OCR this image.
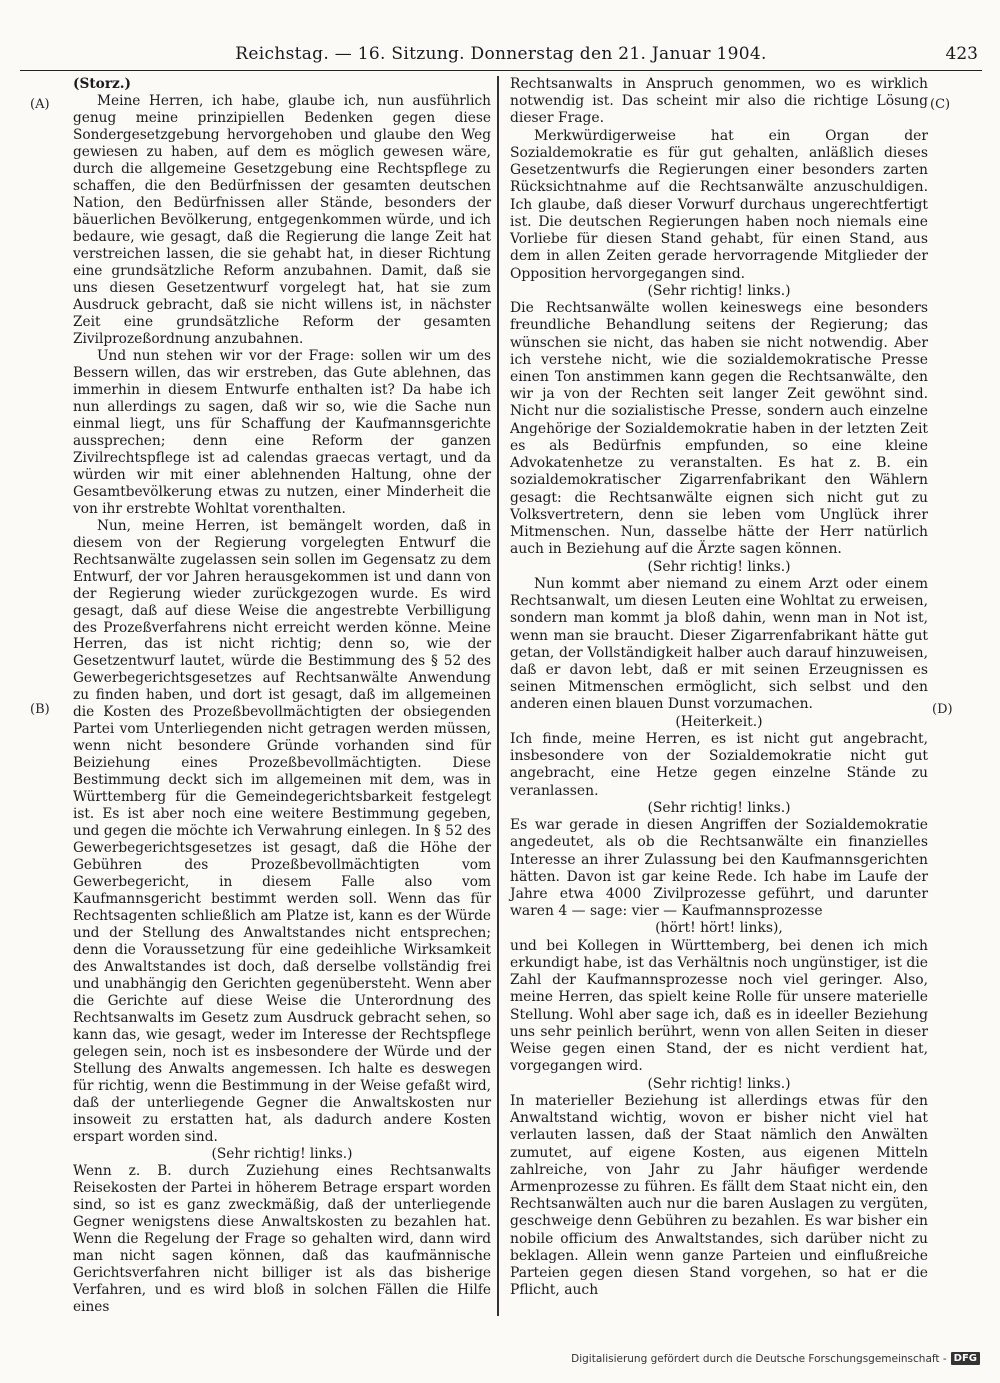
Reichstag. — 16. Sitzung. Donnerstag den 21. Januar 1904.	423
(A)
(B)
(C)
(D)

(Storz.)

Meine Herren, ich habe, glaube ich, nun ausführlich genug meine prinzipiellen Bedenken gegen diese Sondergesetzgebung hervorgehoben und glaube den Weg gewiesen zu haben, auf dem es möglich gewesen wäre, durch die allgemeine Gesetzgebung eine Rechtspflege zu schaffen, die den Bedürfnissen der gesamten deutschen Nation, den Bedürfnissen aller Stände, besonders der bäuerlichen Bevölkerung, entgegenkommen würde, und ich bedaure, wie gesagt, daß die Regierung die lange Zeit hat verstreichen lassen, die sie gehabt hat, in dieser Richtung eine grundsätzliche Reform anzubahnen. Damit, daß sie uns diesen Gesetzentwurf vorgelegt hat, hat sie zum Ausdruck gebracht, daß sie nicht willens ist, in nächster Zeit eine grundsätzliche Reform der gesamten Zivilprozeßordnung anzubahnen.

Und nun stehen wir vor der Frage: sollen wir um des Bessern willen, das wir erstreben, das Gute ablehnen, das immerhin in diesem Entwurfe enthalten ist? Da habe ich nun allerdings zu sagen, daß wir so, wie die Sache nun einmal liegt, uns für Schaffung der Kaufmannsgerichte aussprechen; denn eine Reform der ganzen Zivilrechtspflege ist ad calendas graecas vertagt, und da würden wir mit einer ablehnenden Haltung, ohne der Gesamtbevölkerung etwas zu nutzen, einer Minderheit die von ihr erstrebte Wohltat vorenthalten.

Nun, meine Herren, ist bemängelt worden, daß in diesem von der Regierung vorgelegten Entwurf die Rechtsanwälte zugelassen sein sollen im Gegensatz zu dem Entwurf, der vor Jahren herausgekommen ist und dann von der Regierung wieder zurückgezogen wurde. Es wird gesagt, daß auf diese Weise die angestrebte Verbilligung des Prozeßverfahrens nicht erreicht werden könne. Meine Herren, das ist nicht richtig; denn so, wie der Gesetzentwurf lautet, würde die Bestimmung des § 52 des Gewerbegerichtsgesetzes auf Rechtsanwälte Anwendung zu finden haben, und dort ist gesagt, daß im allgemeinen die Kosten des Prozeßbevollmächtigten der obsiegenden Partei vom Unterliegenden nicht getragen werden müssen, wenn nicht besondere Gründe vorhanden sind für Beiziehung eines Prozeßbevollmächtigten. Diese Bestimmung deckt sich im allgemeinen mit dem, was in Württemberg für die Gemeindegerichtsbarkeit festgelegt ist. Es ist aber noch eine weitere Bestimmung gegeben, und gegen die möchte ich Verwahrung einlegen. In § 52 des Gewerbegerichtsgesetzes ist gesagt, daß die Höhe der Gebühren des Prozeßbevollmächtigten vom Gewerbegericht, in diesem Falle also vom Kaufmannsgericht bestimmt werden soll. Wenn das für Rechtsagenten schließlich am Platze ist, kann es der Würde und der Stellung des Anwaltstandes nicht entsprechen; denn die Voraussetzung für eine gedeihliche Wirksamkeit des Anwaltstandes ist doch, daß derselbe vollständig frei und unabhängig den Gerichten gegenübersteht. Wenn aber die Gerichte auf diese Weise die Unterordnung des Rechtsanwalts im Gesetz zum Ausdruck gebracht sehen, so kann das, wie gesagt, weder im Interesse der Rechtspflege gelegen sein, noch ist es insbesondere der Würde und der Stellung des Anwalts angemessen. Ich halte es deswegen für richtig, wenn die Bestimmung in der Weise gefaßt wird, daß der unterliegende Gegner die Anwaltskosten nur insoweit zu erstatten hat, als dadurch andere Kosten erspart worden sind.

(Sehr richtig! links.)

Wenn z. B. durch Zuziehung eines Rechtsanwalts Reisekosten der Partei in höherem Betrage erspart worden sind, so ist es ganz zweckmäßig, daß der unterliegende Gegner wenigstens diese Anwaltskosten zu bezahlen hat. Wenn die Regelung der Frage so gehalten wird, dann wird man nicht sagen können, daß das kaufmännische Gerichtsverfahren nicht billiger ist als das bisherige Verfahren, und es wird bloß in solchen Fällen die Hilfe eines

Rechtsanwalts in Anspruch genommen, wo es wirklich notwendig ist. Das scheint mir also die richtige Lösung dieser Frage.

Merkwürdigerweise hat ein Organ der Sozialdemokratie es für gut gehalten, anläßlich dieses Gesetzentwurfs die Regierungen einer besonders zarten Rücksichtnahme auf die Rechtsanwälte anzuschuldigen. Ich glaube, daß dieser Vorwurf durchaus ungerechtfertigt ist. Die deutschen Regierungen haben noch niemals eine Vorliebe für diesen Stand gehabt, für einen Stand, aus dem in allen Zeiten gerade hervorragende Mitglieder der Opposition hervorgegangen sind.

(Sehr richtig! links.)

Die Rechtsanwälte wollen keineswegs eine besonders freundliche Behandlung seitens der Regierung; das wünschen sie nicht, das haben sie nicht notwendig. Aber ich verstehe nicht, wie die sozialdemokratische Presse einen Ton anstimmen kann gegen die Rechtsanwälte, den wir ja von der Rechten seit langer Zeit gewöhnt sind. Nicht nur die sozialistische Presse, sondern auch einzelne Angehörige der Sozialdemokratie haben in der letzten Zeit es als Bedürfnis empfunden, so eine kleine Advokatenhetze zu veranstalten. Es hat z. B. ein sozialdemokratischer Zigarrenfabrikant den Wählern gesagt: die Rechtsanwälte eignen sich nicht gut zu Volksvertretern, denn sie leben vom Unglück ihrer Mitmenschen. Nun, dasselbe hätte der Herr natürlich auch in Beziehung auf die Ärzte sagen können.

(Sehr richtig! links.)

Nun kommt aber niemand zu einem Arzt oder einem Rechtsanwalt, um diesen Leuten eine Wohltat zu erweisen, sondern man kommt ja bloß dahin, wenn man in Not ist, wenn man sie braucht. Dieser Zigarrenfabrikant hätte gut getan, der Vollständigkeit halber auch darauf hinzuweisen, daß er davon lebt, daß er mit seinen Erzeugnissen es seinen Mitmenschen ermöglicht, sich selbst und den anderen einen blauen Dunst vorzumachen.

(Heiterkeit.)

Ich finde, meine Herren, es ist nicht gut angebracht, insbesondere von der Sozialdemokratie nicht gut angebracht, eine Hetze gegen einzelne Stände zu veranlassen.

(Sehr richtig! links.)

Es war gerade in diesen Angriffen der Sozialdemokratie angedeutet, als ob die Rechtsanwälte ein finanzielles Interesse an ihrer Zulassung bei den Kaufmannsgerichten hätten. Davon ist gar keine Rede. Ich habe im Laufe der Jahre etwa 4000 Zivilprozesse geführt, und darunter waren 4 — sage: vier — Kaufmannsprozesse

(hört! hört! links),

und bei Kollegen in Württemberg, bei denen ich mich erkundigt habe, ist das Verhältnis noch ungünstiger, ist die Zahl der Kaufmannsprozesse noch viel geringer. Also, meine Herren, das spielt keine Rolle für unsere materielle Stellung. Wohl aber sage ich, daß es in ideeller Beziehung uns sehr peinlich berührt, wenn von allen Seiten in dieser Weise gegen einen Stand, der es nicht verdient hat, vorgegangen wird.

(Sehr richtig! links.)

In materieller Beziehung ist allerdings etwas für den Anwaltstand wichtig, wovon er bisher nicht viel hat verlauten lassen, daß der Staat nämlich den Anwälten zumutet, auf eigene Kosten, aus eigenen Mitteln zahlreiche, von Jahr zu Jahr häufiger werdende Armenprozesse zu führen. Es fällt dem Staat nicht ein, den Rechtsanwälten auch nur die baren Auslagen zu vergüten, geschweige denn Gebühren zu bezahlen. Es war bisher ein nobile officium des Anwaltstandes, sich darüber nicht zu beklagen. Allein wenn ganze Parteien und einflußreiche Parteien gegen diesen Stand vorgehen, so hat er die Pflicht, auch

Digitalisierung gefördert durch die Deutsche Forschungsgemeinschaft - DFG
